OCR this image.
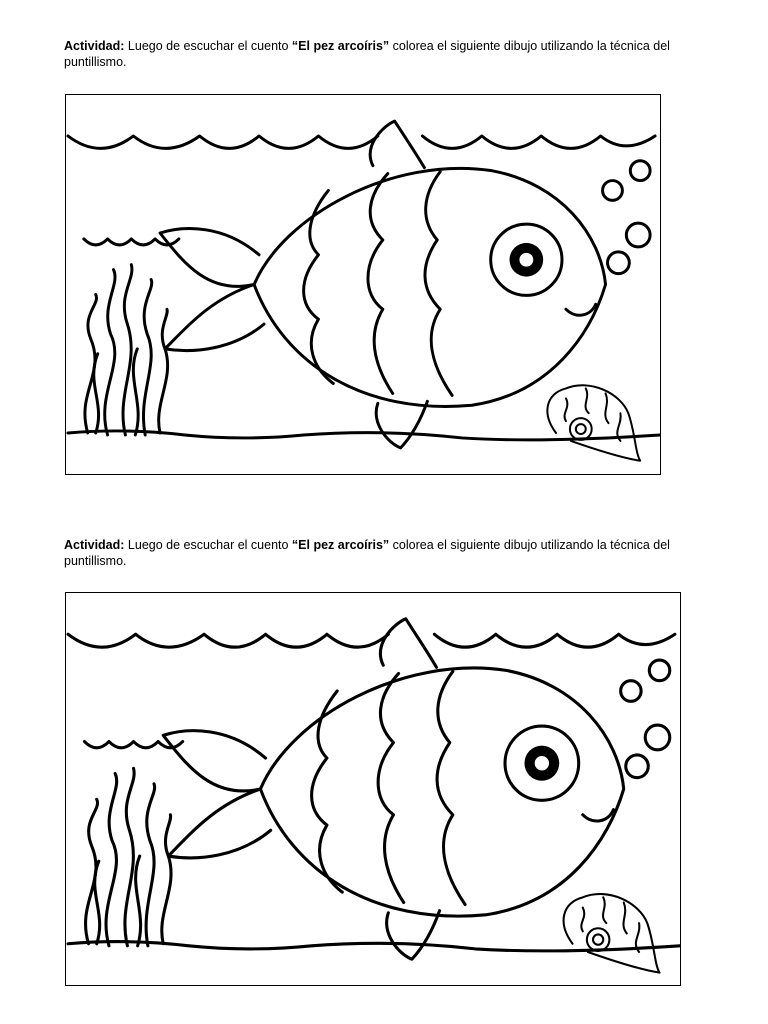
Actividad: Luego de escuchar el cuento “El pez arcoíris” colorea el siguiente dibujo utilizando la técnica del puntillismo.
Actividad: Luego de escuchar el cuento “El pez arcoíris” colorea el siguiente dibujo utilizando la técnica del puntillismo.
